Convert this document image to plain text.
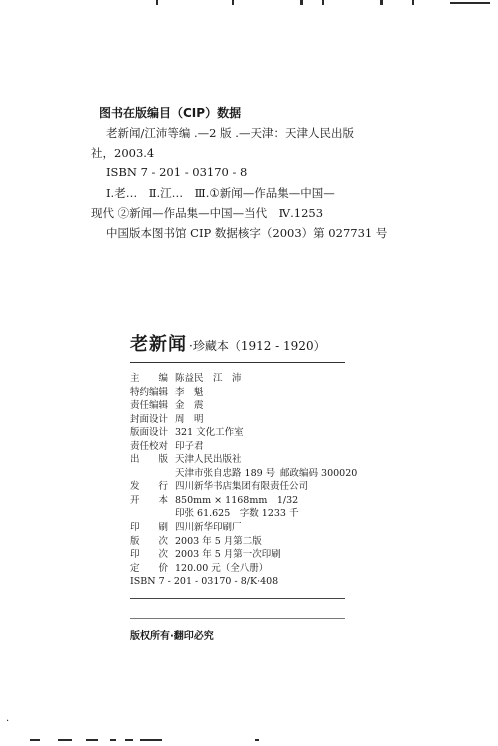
图书在版编目（CIP）数据
老新闻/江沛等编 .—2 版 .—天津：天津人民出版
社，2003.4
ISBN 7 - 201 - 03170 - 8
Ⅰ.老…　Ⅱ.江…　Ⅲ.①新闻—作品集—中国—
现代 ②新闻—作品集—中国—当代　Ⅳ.1253
中国版本图书馆 CIP 数据核字（2003）第 027731 号
老新闻 ·珍藏本（1912 - 1920）
主　　编 陈益民　江　沛
特约编辑 李　魁
责任编辑 金　震
封面设计 周　明
版面设计 321 文化工作室
责任校对 印子君
出　　版 天津人民出版社
天津市张自忠路 189 号 邮政编码 300020
发　　行 四川新华书店集团有限责任公司
开　　本 850mm × 1168mm　1/32
印张 61.625　字数 1233 千
印　　刷 四川新华印刷厂
版　　次 2003 年 5 月第二版
印　　次 2003 年 5 月第一次印刷
定　　价 120.00 元（全八册）
ISBN 7 - 201 - 03170 - 8/K·408
版权所有·翻印必究
·
